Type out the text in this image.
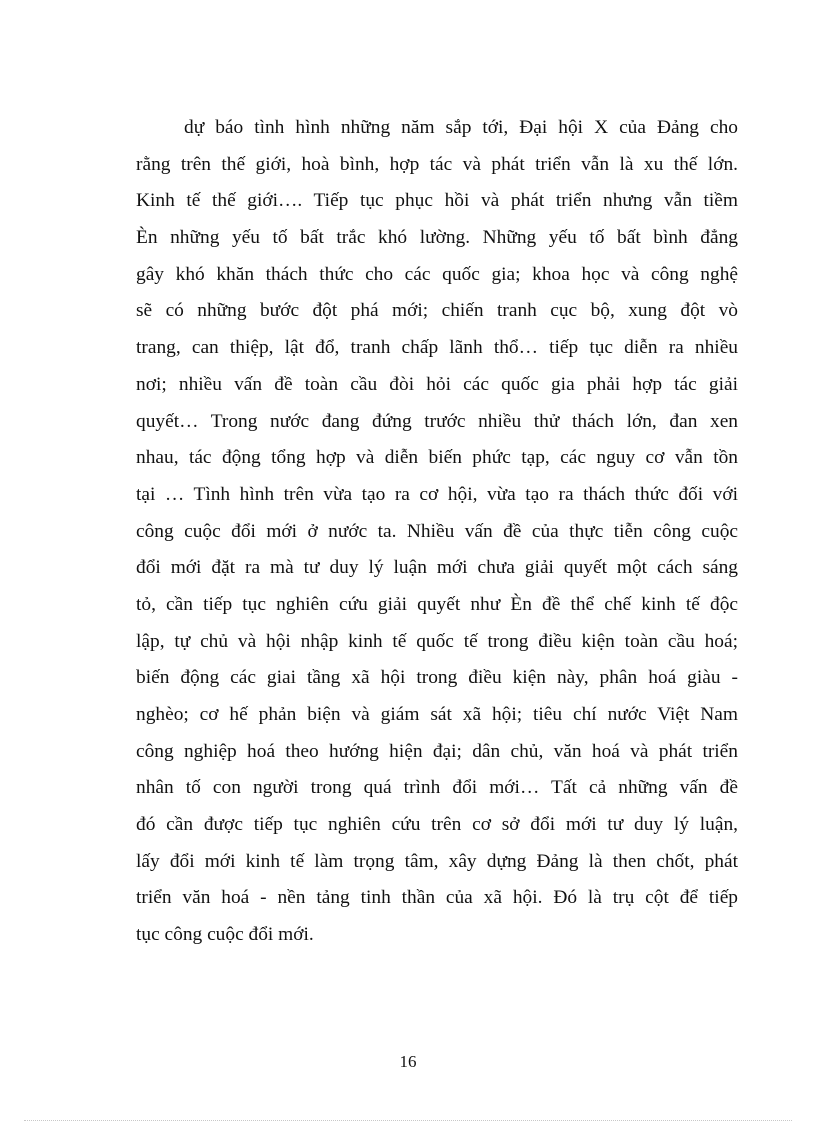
dự báo tình hình những năm sắp tới, Đại hội X của Đảng cho
rằng trên thế giới, hoà bình, hợp tác và phát triển vẫn là xu thế lớn.
Kinh tế thế giới…. Tiếp tục phục hồi và phát triển nhưng vẫn tiềm
Èn những yếu tố bất trắc khó lường. Những yếu tố bất bình đẳng
gây khó khăn thách thức cho các quốc gia; khoa học và công nghệ
sẽ có những bước đột phá mới; chiến tranh cục bộ, xung đột vò
trang, can thiệp, lật đổ, tranh chấp lãnh thổ… tiếp tục diễn ra nhiều
nơi; nhiều vấn đề toàn cầu đòi hỏi các quốc gia phải hợp tác giải
quyết… Trong nước đang đứng trước nhiều thử thách lớn, đan xen
nhau, tác động tổng hợp và diễn biến phức tạp, các nguy cơ vẫn tồn
tại … Tình hình trên vừa tạo ra cơ hội, vừa tạo ra thách thức đối với
công cuộc đổi mới ở nước ta. Nhiều vấn đề của thực tiễn công cuộc
đổi mới đặt ra mà tư duy lý luận mới chưa giải quyết một cách sáng
tỏ, cần tiếp tục nghiên cứu giải quyết như Èn đề thể chế kinh tế độc
lập, tự chủ và hội nhập kinh tế quốc tế trong điều kiện toàn cầu hoá;
biến động các giai tầng xã hội trong điều kiện này, phân hoá giàu -
nghèo; cơ hế phản biện và giám sát xã hội; tiêu chí nước Việt Nam
công nghiệp hoá theo hướng hiện đại; dân chủ, văn hoá và phát triển
nhân tố con người trong quá trình đổi mới… Tất cả những vấn đề
đó cần được tiếp tục nghiên cứu trên cơ sở đổi mới tư duy lý luận,
lấy đổi mới kinh tế làm trọng tâm, xây dựng Đảng là then chốt, phát
triển văn hoá - nền tảng tinh thần của xã hội. Đó là trụ cột để tiếp
tục công cuộc đổi mới.
16
